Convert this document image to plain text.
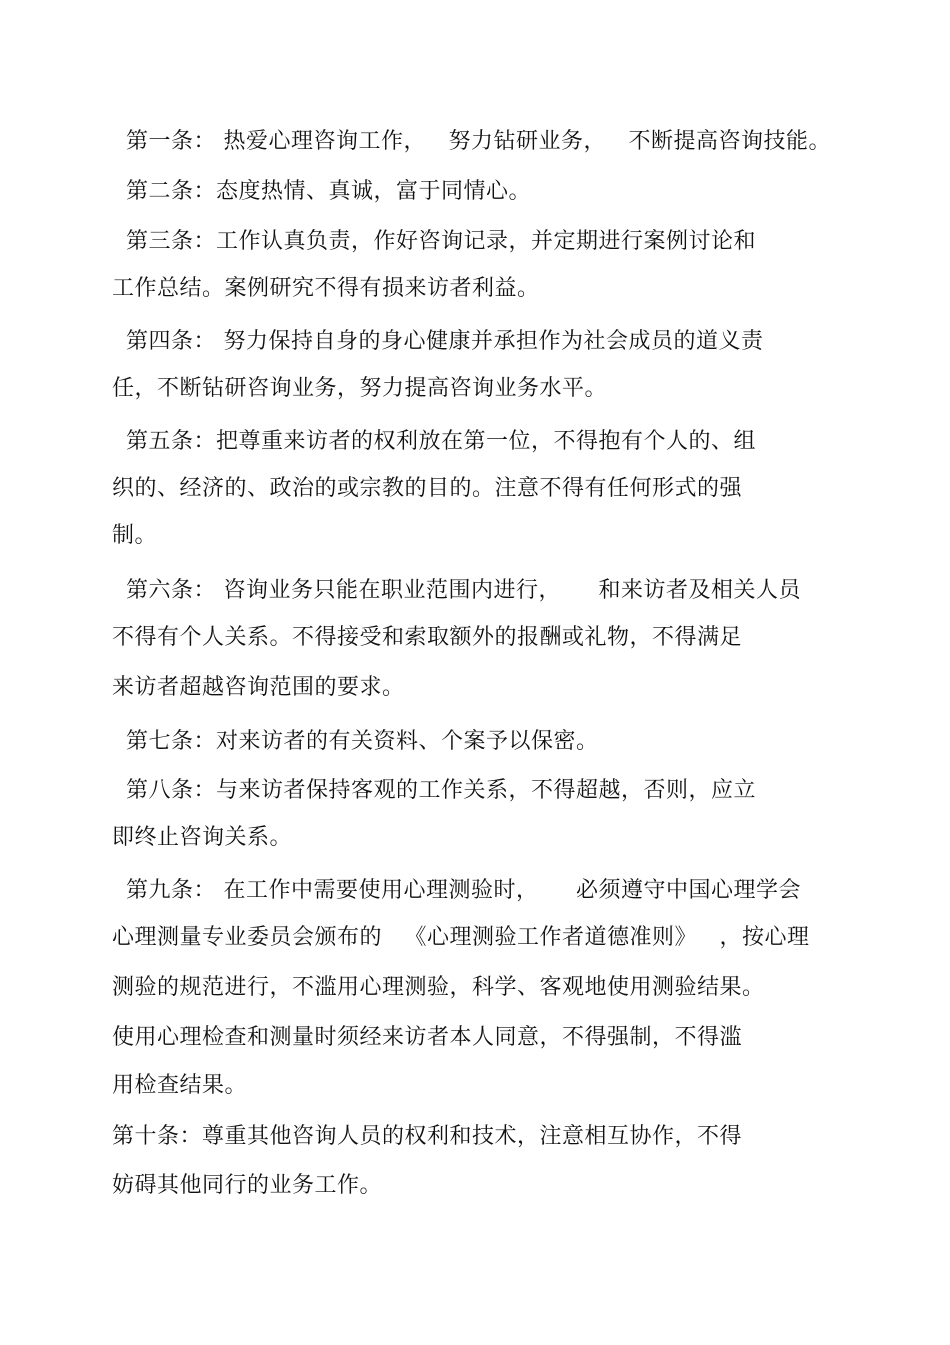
第一条： 热爱心理咨询工作，   努力钻研业务，   不断提高咨询技能。
第二条：态度热情、真诚，富于同情心。
第三条：工作认真负责，作好咨询记录，并定期进行案例讨论和
工作总结。案例研究不得有损来访者利益。
第四条： 努力保持自身的身心健康并承担作为社会成员的道义责
任，不断钻研咨询业务，努力提高咨询业务水平。
第五条：把尊重来访者的权利放在第一位，不得抱有个人的、组
织的、经济的、政治的或宗教的目的。注意不得有任何形式的强
制。
第六条： 咨询业务只能在职业范围内进行，     和来访者及相关人员
不得有个人关系。不得接受和索取额外的报酬或礼物，不得满足
来访者超越咨询范围的要求。
第七条：对来访者的有关资料、个案予以保密。
第八条：与来访者保持客观的工作关系，不得超越，否则，应立
即终止咨询关系。
第九条： 在工作中需要使用心理测验时，     必须遵守中国心理学会
心理测量专业委员会颁布的   《心理测验工作者道德准则》   ，按心理
测验的规范进行，不滥用心理测验，科学、客观地使用测验结果。
使用心理检查和测量时须经来访者本人同意，不得强制，不得滥
用检查结果。
第十条：尊重其他咨询人员的权利和技术，注意相互协作，不得
妨碍其他同行的业务工作。
